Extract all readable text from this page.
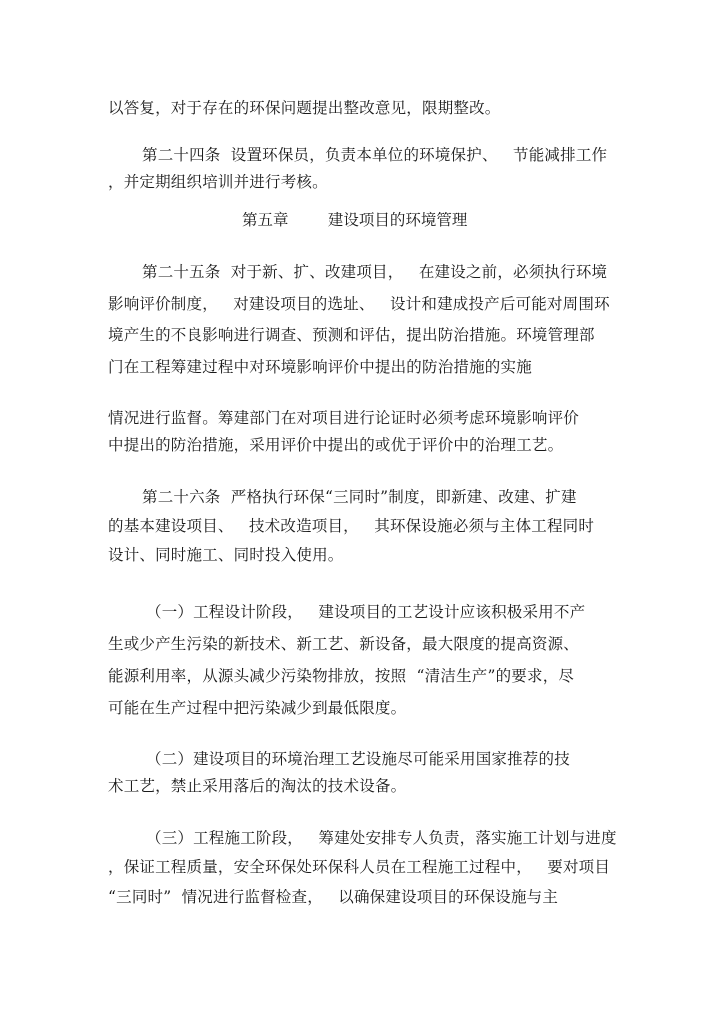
以答复，对于存在的环保问题提出整改意见，限期整改。
第二十四条  设置环保员，负责本单位的环境保护、   节能减排工作
，并定期组织培训并进行考核。
第五章        建设项目的环境管理
第二十五条  对于新、扩、改建项目，   在建设之前，必须执行环境
影响评价制度，   对建设项目的选址、   设计和建成投产后可能对周围环
境产生的不良影响进行调查、预测和评估，提出防治措施。环境管理部
门在工程筹建过程中对环境影响评价中提出的防治措施的实施
情况进行监督。筹建部门在对项目进行论证时必须考虑环境影响评价
中提出的防治措施，采用评价中提出的或优于评价中的治理工艺。
第二十六条  严格执行环保“三同时”制度，即新建、改建、扩建
的基本建设项目、   技术改造项目，   其环保设施必须与主体工程同时
设计、同时施工、同时投入使用。
（一）工程设计阶段，   建设项目的工艺设计应该积极采用不产
生或少产生污染的新技术、新工艺、新设备，最大限度的提高资源、
能源利用率，从源头减少污染物排放，按照  “清洁生产”的要求，尽
可能在生产过程中把污染减少到最低限度。
（二）建设项目的环境治理工艺设施尽可能采用国家推荐的技
术工艺，禁止采用落后的淘汰的技术设备。
（三）工程施工阶段，   筹建处安排专人负责，落实施工计划与进度
，保证工程质量，安全环保处环保科人员在工程施工过程中，   要对项目
“三同时”  情况进行监督检查，   以确保建设项目的环保设施与主
